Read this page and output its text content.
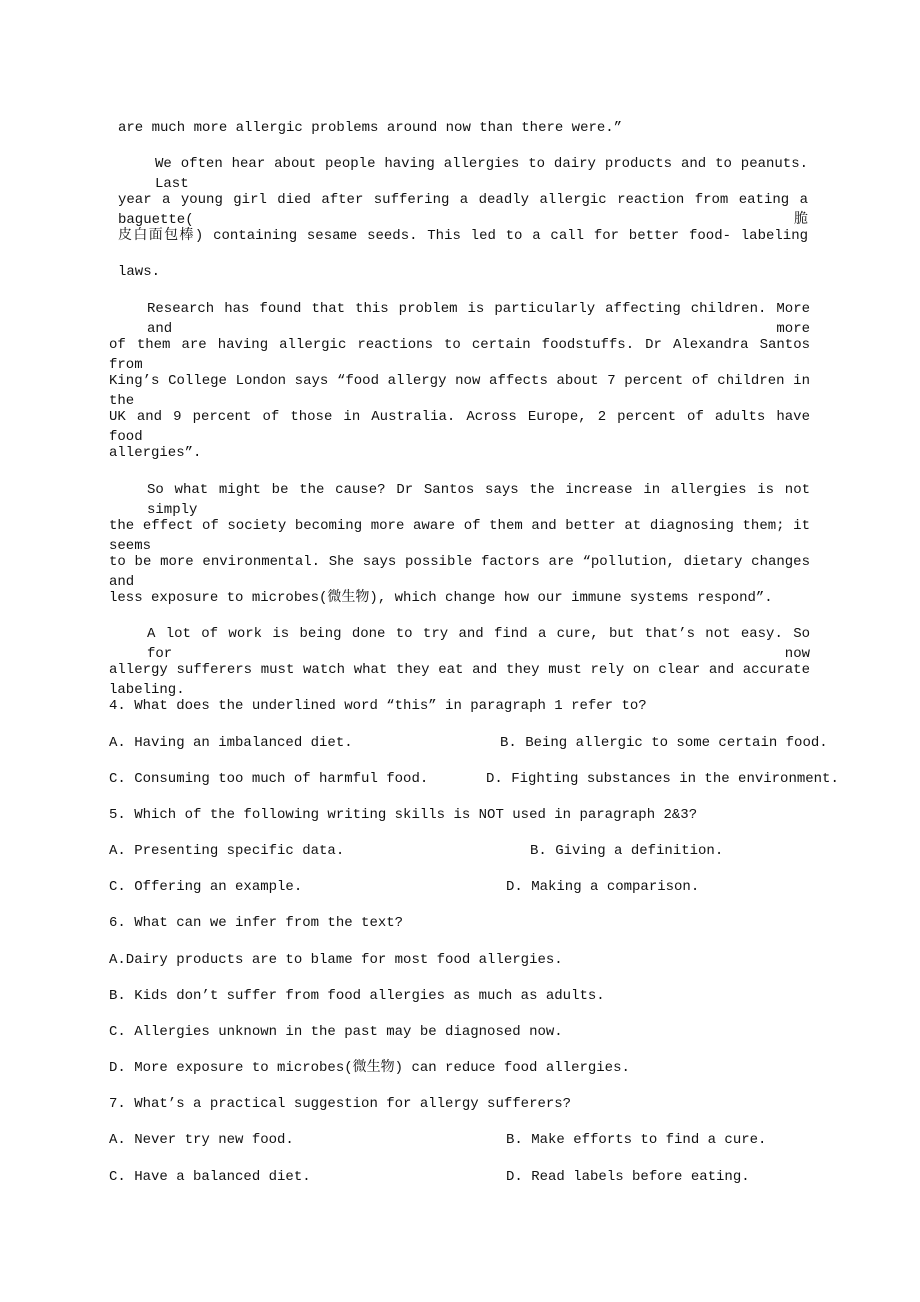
are much more allergic problems around now than there were.”
We often hear about people having allergies to dairy products and to peanuts. Last
year a young girl died after suffering a deadly allergic reaction from eating a baguette(脆
皮白面包棒) containing sesame seeds. This led to a call for better food- labeling
laws.
Research has found that this problem is particularly affecting children. More and more
of them are having allergic reactions to certain foodstuffs. Dr Alexandra Santos from
King’s College London says “food allergy now affects about 7 percent of children in the
UK and 9 percent of those in Australia. Across Europe, 2 percent of adults have food
allergies”.
So what might be the cause? Dr Santos says the increase in allergies is not simply
the effect of society becoming more aware of them and better at diagnosing them; it seems
to be more environmental. She says possible factors are “pollution, dietary changes and
less exposure to microbes(微生物), which change how our immune systems respond”.
A lot of work is being done to try and find a cure, but that’s not easy. So for now
allergy sufferers must watch what they eat and they must rely on clear and accurate labeling.
4. What does the underlined word “this” in paragraph 1 refer to?
A. Having an imbalanced diet.	B. Being allergic to some certain food.
C. Consuming too much of harmful food.	D. Fighting substances in the environment.
5. Which of the following writing skills is NOT used in paragraph 2&3?
A. Presenting specific data.	B. Giving a definition.
C. Offering an example.	D. Making a comparison.
6. What can we infer from the text?
A.Dairy products are to blame for most food allergies.
B. Kids don’t suffer from food allergies as much as adults.
C. Allergies unknown in the past may be diagnosed now.
D. More exposure to microbes(微生物) can reduce food allergies.
7. What’s a practical suggestion for allergy sufferers?
A. Never try new food.	B. Make efforts to find a cure.
C. Have a balanced diet.	D. Read labels before eating.
